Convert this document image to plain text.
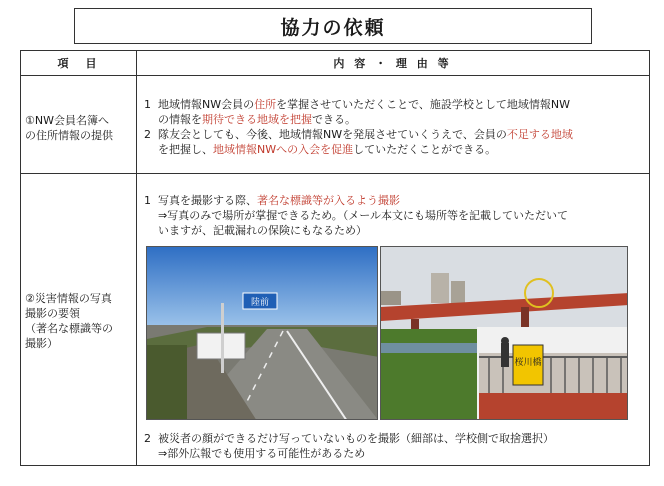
協力の依頼
項　目	内 容 ・ 理 由 等
①NW会員名簿へ
の住所情報の提供
1 地域情報NW会員の住所を掌握させていただくことで、施設学校として地域情報NW
の情報を期待できる地域を把握できる。
2 隊友会としても、今後、地域情報NWを発展させていくうえで、会員の不足する地域
を把握し、地域情報NWへの入会を促進していただくことができる。
②災害情報の写真
撮影の要領
（著名な標識等の
撮影）
1 写真を撮影する際、著名な標識等が入るよう撮影
⇒写真のみで場所が掌握できるため。（メール本文にも場所等を記載していただいて
いますが、記載漏れの保険にもなるため）
2 被災者の顔ができるだけ写っていないものを撮影（細部は、学校側で取捨選択）
⇒部外広報でも使用する可能性があるため
陸前
桜川橋
